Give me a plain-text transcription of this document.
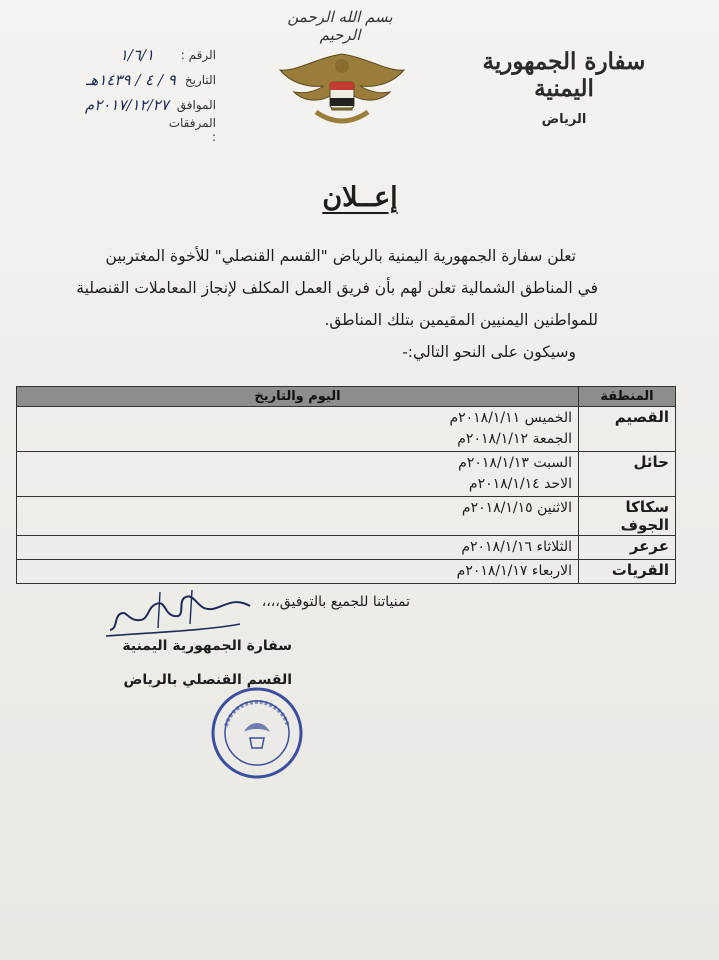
بسم الله الرحمن الرحيم
سفارة الجمهورية اليمنية
الرياض
الرقم :
١/٦/١
التاريخ
٩ / ٤ / ١٤٣٩هـ
الموافق
٢٠١٧/١٢/٢٧م
المرفقات :
إعــلان

تعلن سفارة الجمهورية اليمنية بالرياض "القسم القنصلي" للأخوة المغتربين

في المناطق الشمالية تعلن لهم بأن فريق العمل المكلف لإنجاز المعاملات القنصلية

للمواطنين اليمنيين المقيمين بتلك المناطق.

وسيكون على النحو التالي:-

المنطقة	اليوم والتاريخ
القصيم	الخميس ٢٠١٨/١/١١م
الجمعة ٢٠١٨/١/١٢م

حائل	السبت ٢٠١٨/١/١٣م
الاحد ٢٠١٨/١/١٤م

سكاكا الجوف	الاثنين ٢٠١٨/١/١٥م

عرعر	الثلاثاء ٢٠١٨/١/١٦م

القريات	الاربعاء ٢٠١٨/١/١٧م
تمنياتنا للجميع بالتوفيق،،،،
سفارة الجمهورية اليمنية
القسم القنصلي بالرياض
